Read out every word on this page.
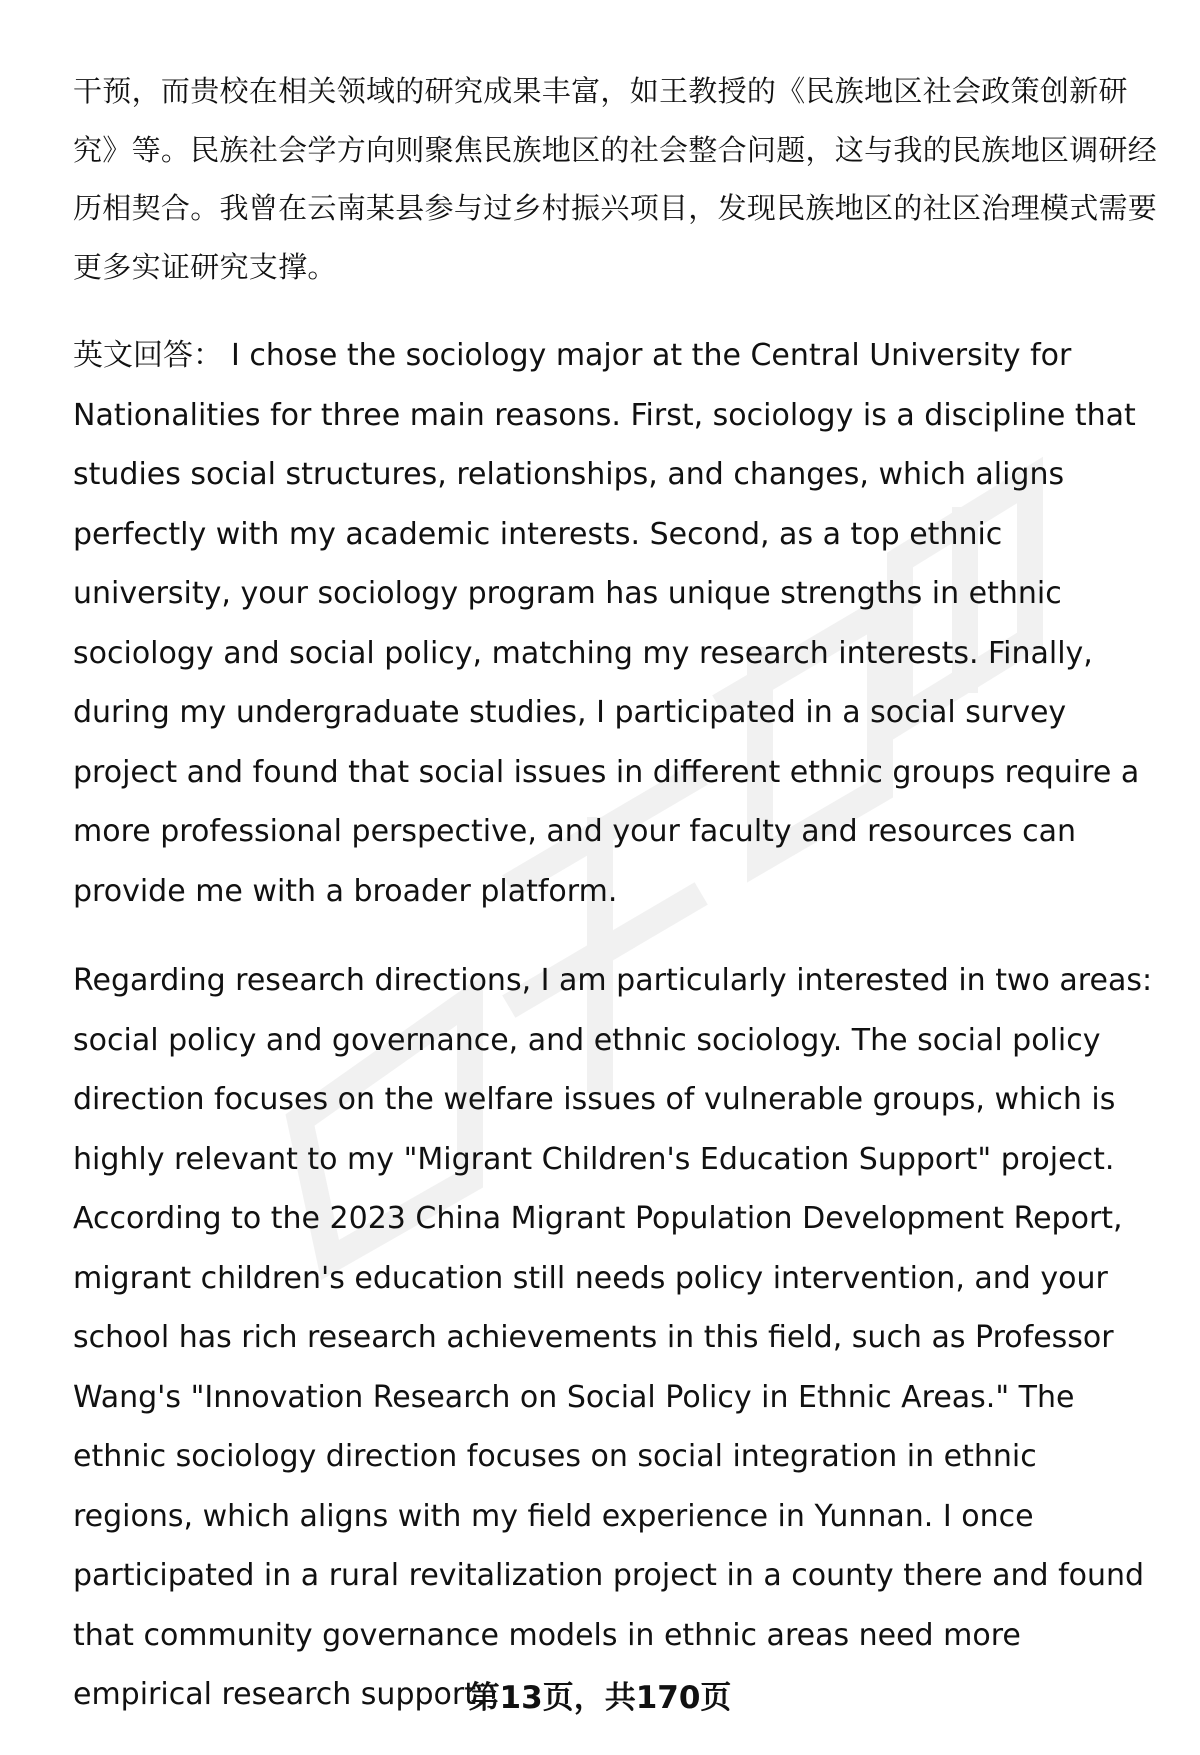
干预，而贵校在相关领域的研究成果丰富，如王教授的《民族地区社会政策创新研究》等。民族社会学方向则聚焦民族地区的社会整合问题，这与我的民族地区调研经历相契合。我曾在云南某县参与过乡村振兴项目，发现民族地区的社区治理模式需要更多实证研究支撑。

英文回答： I chose the sociology major at the Central University for Nationalities for three main reasons. First, sociology is a discipline that studies social structures, relationships, and changes, which aligns perfectly with my academic interests. Second, as a top ethnic university, your sociology program has unique strengths in ethnic sociology and social policy, matching my research interests. Finally, during my undergraduate studies, I participated in a social survey project and found that social issues in different ethnic groups require a more professional perspective, and your faculty and resources can provide me with a broader platform.

Regarding research directions, I am particularly interested in two areas: social policy and governance, and ethnic sociology. The social policy direction focuses on the welfare issues of vulnerable groups, which is highly relevant to my "Migrant Children's Education Support" project. According to the 2023 China Migrant Population Development Report, migrant children's education still needs policy intervention, and your school has rich research achievements in this field, such as Professor Wang's "Innovation Research on Social Policy in Ethnic Areas." The ethnic sociology direction focuses on social integration in ethnic regions, which aligns with my field experience in Yunnan. I once participated in a rural revitalization project in a county there and found that community governance models in ethnic areas need more empirical research support.

第13页，共170页
